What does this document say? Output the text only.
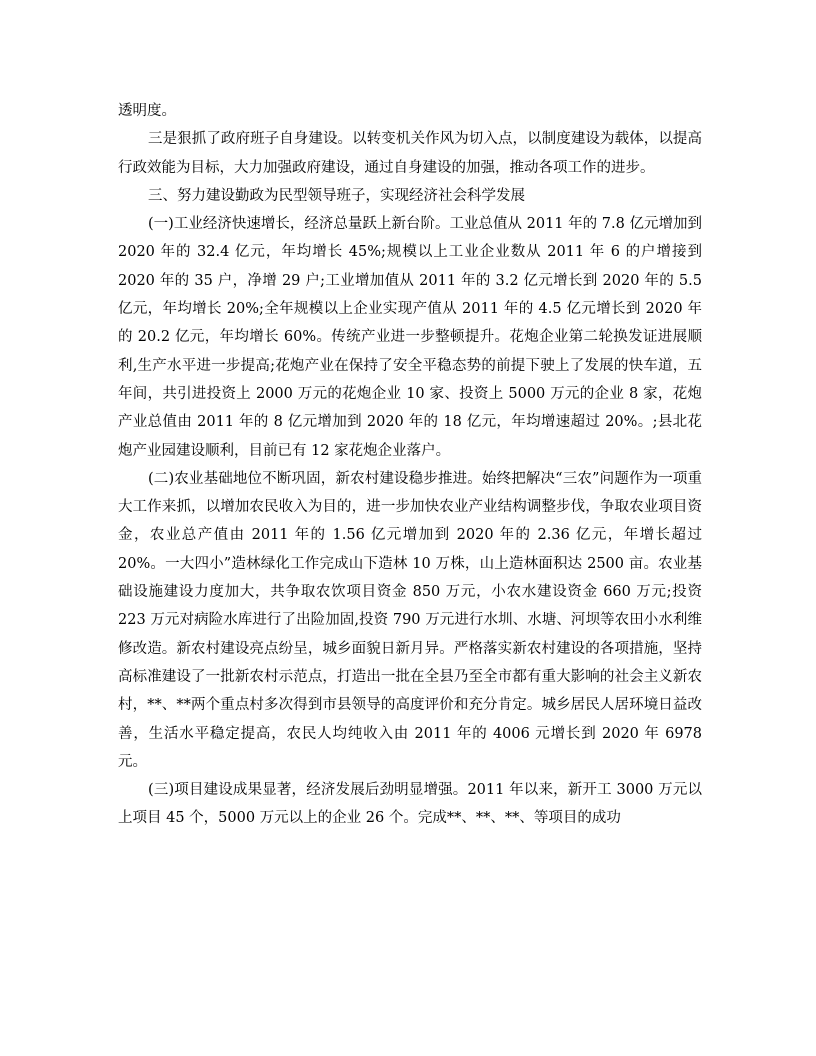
透明度。

三是狠抓了政府班子自身建设。以转变机关作风为切入点，以制度建设为载体，以提高行政效能为目标，大力加强政府建设，通过自身建设的加强，推动各项工作的进步。

三、努力建设勤政为民型领导班子，实现经济社会科学发展

(一)工业经济快速增长，经济总量跃上新台阶。工业总值从 2011 年的 7.8 亿元增加到 2020 年的 32.4 亿元，年均增长 45%;规模以上工业企业数从 2011 年 6 的户增接到 2020 年的 35 户，净增 29 户;工业增加值从 2011 年的 3.2 亿元增长到 2020 年的 5.5 亿元，年均增长 20%;全年规模以上企业实现产值从 2011 年的 4.5 亿元增长到 2020 年的 20.2 亿元，年均增长 60%。传统产业进一步整顿提升。花炮企业第二轮换发证进展顺利,生产水平进一步提高;花炮产业在保持了安全平稳态势的前提下驶上了发展的快车道，五年间，共引进投资上 2000 万元的花炮企业 10 家、投资上 5000 万元的企业 8 家，花炮产业总值由 2011 年的 8 亿元增加到 2020 年的 18 亿元，年均增速超过 20%。;县北花炮产业园建设顺利，目前已有 12 家花炮企业落户。

(二)农业基础地位不断巩固，新农村建设稳步推进。始终把解决“三农”问题作为一项重大工作来抓，以增加农民收入为目的，进一步加快农业产业结构调整步伐，争取农业项目资金，农业总产值由 2011 年的 1.56 亿元增加到 2020 年的 2.36 亿元，年增长超过 20%。一大四小”造林绿化工作完成山下造林 10 万株，山上造林面积达 2500 亩。农业基础设施建设力度加大，共争取农饮项目资金 850 万元，小农水建设资金 660 万元;投资 223 万元对病险水库进行了出险加固,投资 790 万元进行水圳、水塘、河坝等农田小水利维修改造。新农村建设亮点纷呈，城乡面貌日新月异。严格落实新农村建设的各项措施，坚持高标准建设了一批新农村示范点，打造出一批在全县乃至全市都有重大影响的社会主义新农村，**、**两个重点村多次得到市县领导的高度评价和充分肯定。城乡居民人居环境日益改善，生活水平稳定提高，农民人均纯收入由 2011 年的 4006 元增长到 2020 年 6978 元。

(三)项目建设成果显著，经济发展后劲明显增强。2011 年以来，新开工 3000 万元以上项目 45 个，5000 万元以上的企业 26 个。完成**、**、**、等项目的成功
